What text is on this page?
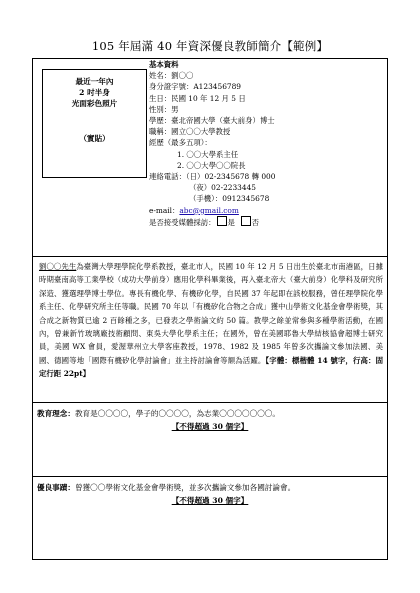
105 年屆滿 40 年資深優良教師簡介【範例】
最近一年內
2 吋半身
光面彩色照片
（實貼）
基本資料
姓名：劉〇〇
身分證字號：A123456789
生日：民國 10 年 12 月 5 日
性別：男
學歷：臺北帝國大學（臺大前身）博士
職稱：國立〇〇大學教授
經歷（最多五項）：
1. 〇〇大學系主任
2. 〇〇大學〇〇院長
連絡電話：（日）02-2345678 轉 000
（夜）02-2233445
（手機）：0912345678
e-mail：abc@gmail.com
是否接受媒體採訪： 是 否
劉〇〇先生為臺灣大學理學院化學系教授，臺北市人，民國 10 年 12 月 5 日出生於臺北市南港區，日據時期臺南高等工業學校（成功大學前身）應用化學科畢業後，再入臺北帝大（臺大前身）化學科及研究所深造、獲選理學博士學位。專長有機化學、有機矽化學，自民國 37 年起即在該校服務，曾任理學院化學系主任、化學研究所主任等職。民國 70 年以「有機矽化合物之合成」獲中山學術文化基金會學術獎，其合成之新物質已逾 2 百餘種之多，已發表之學術論文約 50 篇。教學之餘並常參與多種學術活動，在國內，曾兼新竹玻璃廠技術顧問、東吳大學化學系主任；在國外，曾在美國耶魯大學結核協會超博士研究員，美國 WX 會員，愛渥華州立大學客座教授，1978、1982 及 1985 年曾多次攜論文參加法國、美國、德國等地「國際有機矽化學討論會」並主持討論會等額為活躍。【字體：標楷體 14 號字，行高：固定行距 22pt】
教育理念：教育是〇〇〇〇，學子的〇〇〇〇，為志業〇〇〇〇〇〇〇。
【不得超過 30 個字】
優良事蹟：曾獲〇〇學術文化基金會學術獎，並多次攜論文參加各國討論會。
【不得超過 30 個字】
